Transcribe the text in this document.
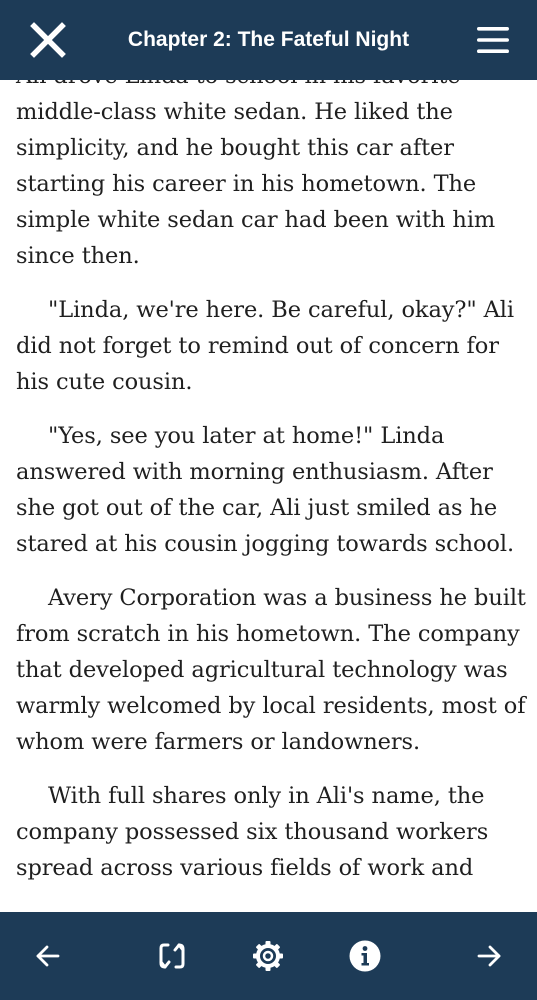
Chapter 2: The Fateful Night

middle-class white sedan. He liked the simplicity, and he bought this car after starting his career in his hometown. The simple white sedan car had been with him since then.

"Linda, we're here. Be careful, okay?" Ali did not forget to remind out of concern for his cute cousin.

"Yes, see you later at home!" Linda answered with morning enthusiasm. After she got out of the car, Ali just smiled as he stared at his cousin jogging towards school.

Avery Corporation was a business he built from scratch in his hometown. The company that developed agricultural technology was warmly welcomed by local residents, most of whom were farmers or landowners.

With full shares only in Ali's name, the company possessed six thousand workers spread across various fields of work and
